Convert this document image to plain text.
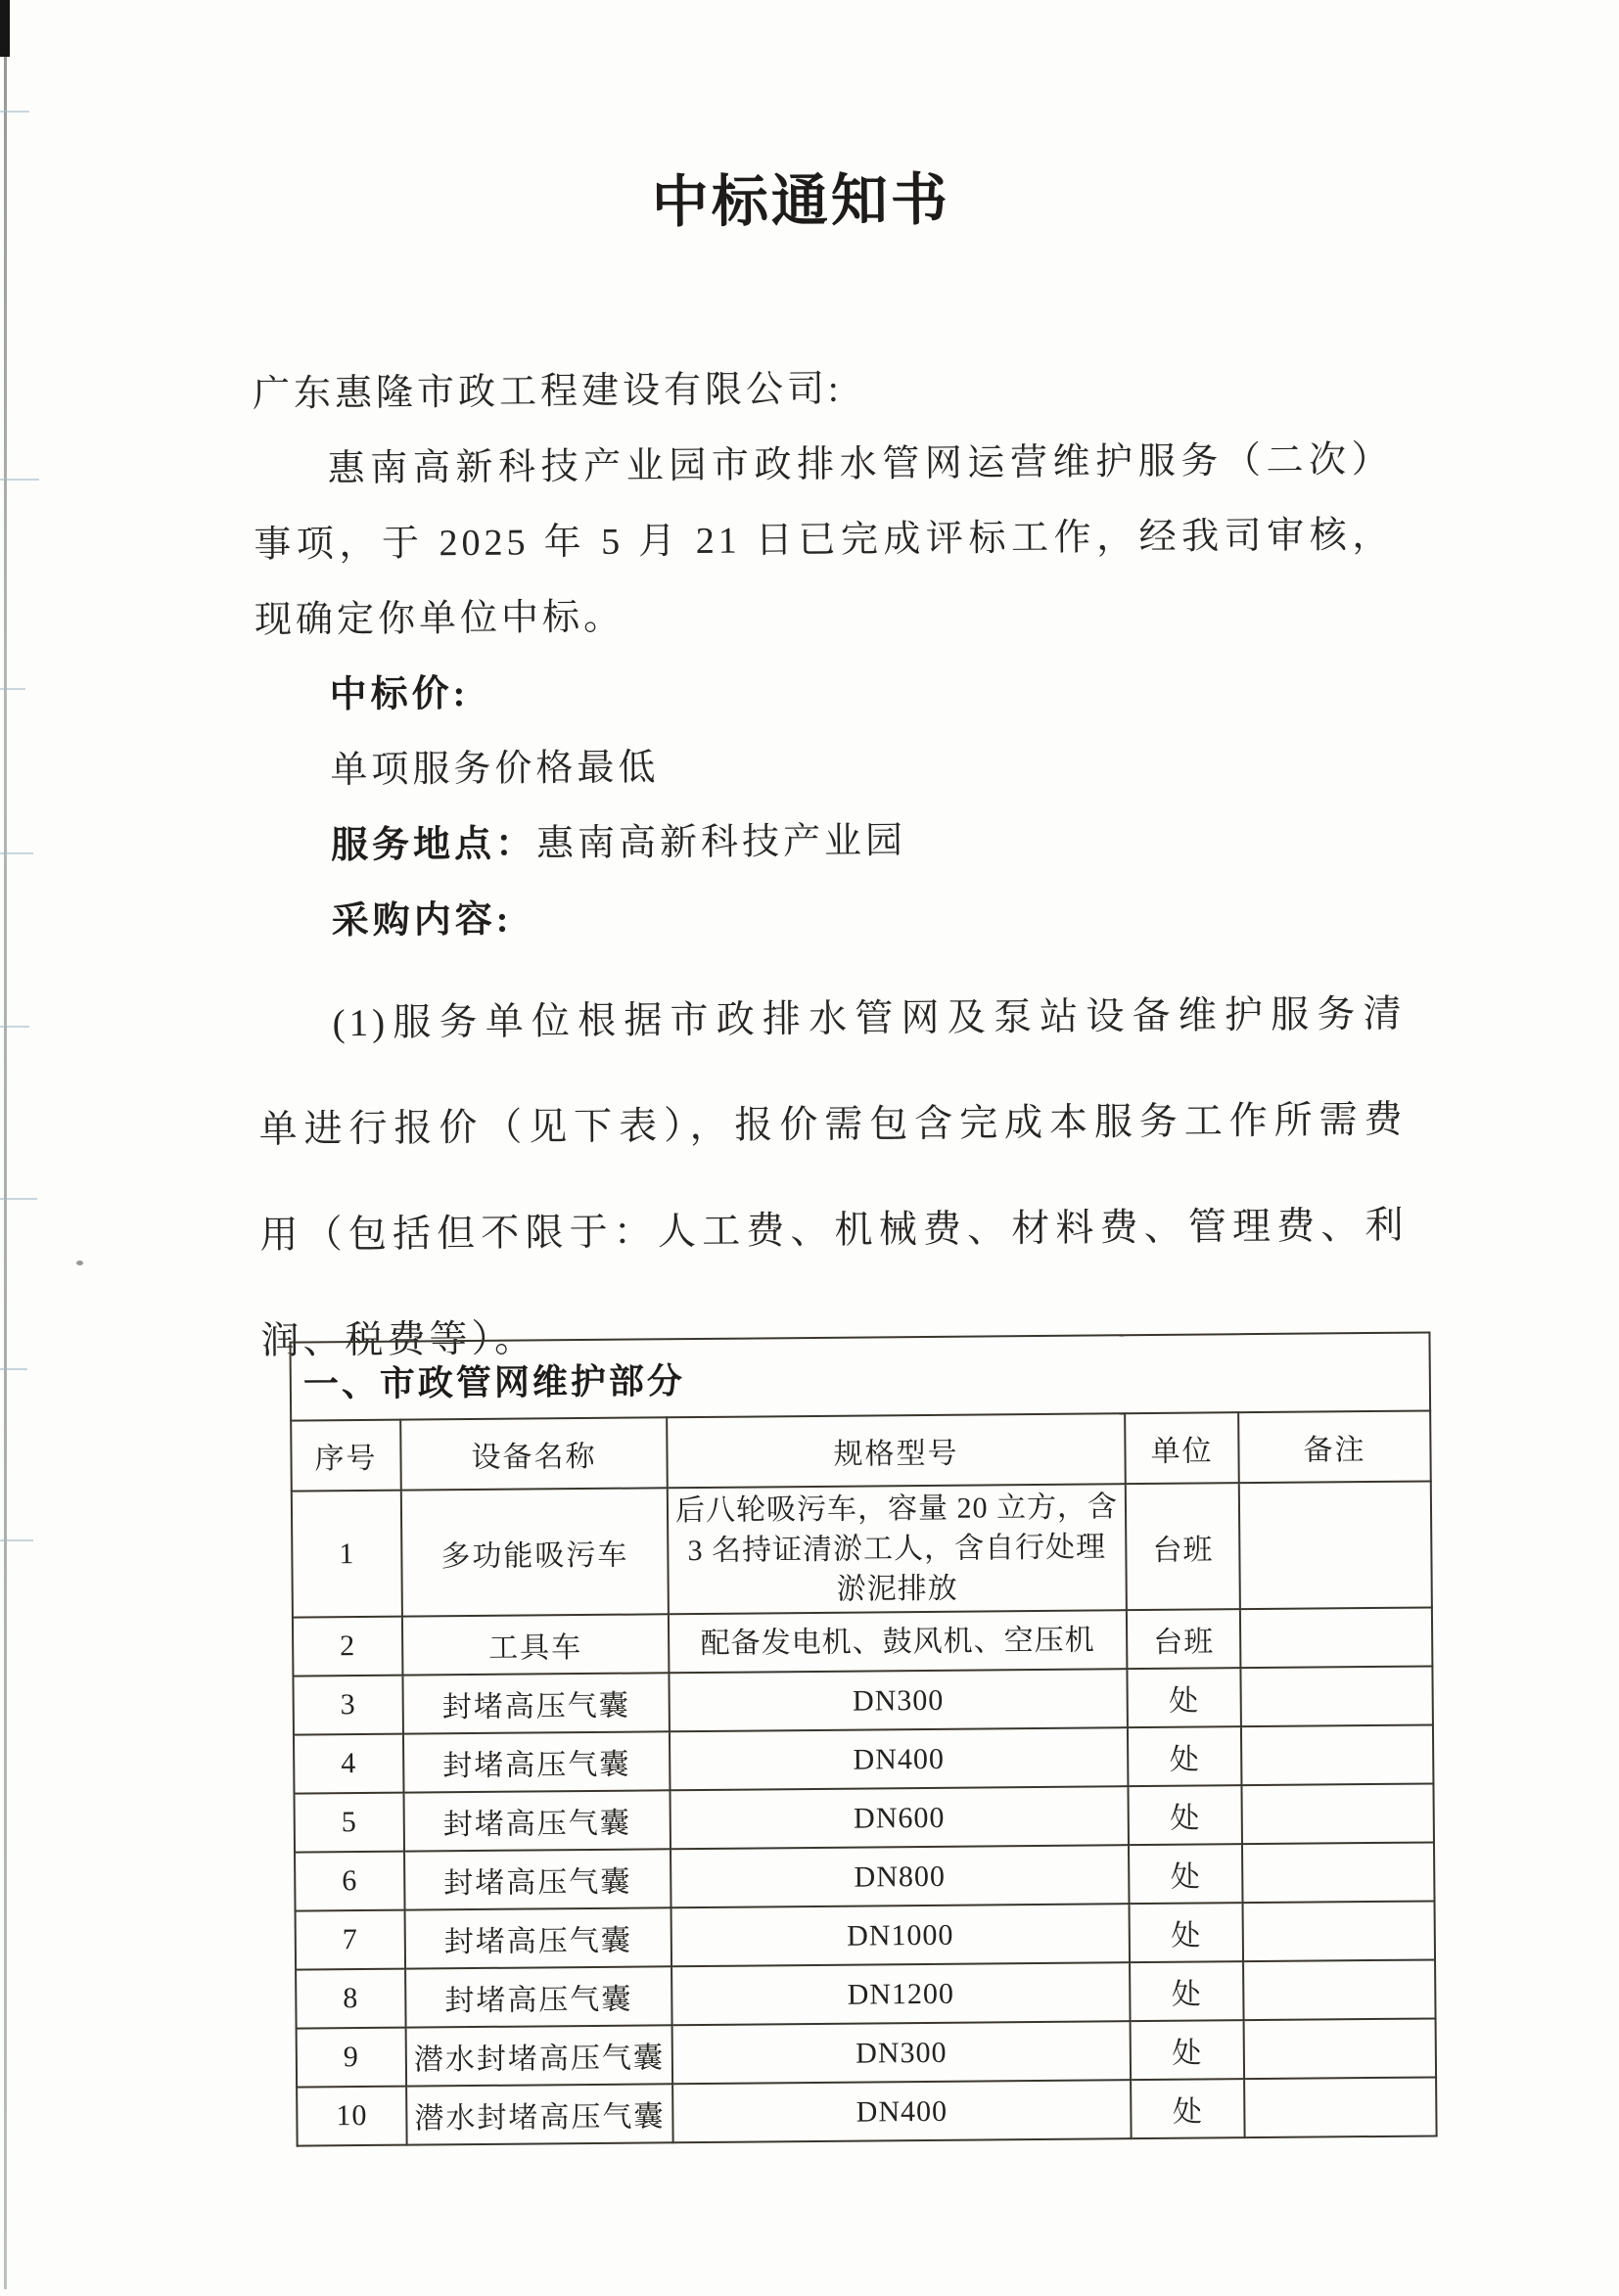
中标通知书

广东惠隆市政工程建设有限公司:

惠南高新科技产业园市政排水管网运营维护服务（二次）

事项，于 2025 年 5 月 21 日已完成评标工作，经我司审核，

现确定你单位中标。

中标价:

单项服务价格最低

服务地点：惠南高新科技产业园

采购内容:

(1)服务单位根据市政排水管网及泵站设备维护服务清

单进行报价（见下表），报价需包含完成本服务工作所需费

用（包括但不限于：人工费、机械费、材料费、管理费、利

润、税费等）。

一、市政管网维护部分				
序号	设备名称	规格型号	单位	备注
1	多功能吸污车	后八轮吸污车，容量 20 立方，含
3 名持证清淤工人，含自行处理
淤泥排放	台班	
2	工具车	配备发电机、鼓风机、空压机	台班	
3	封堵高压气囊	DN300	处	
4	封堵高压气囊	DN400	处	
5	封堵高压气囊	DN600	处	
6	封堵高压气囊	DN800	处	
7	封堵高压气囊	DN1000	处	
8	封堵高压气囊	DN1200	处	
9	潜水封堵高压气囊	DN300	处	
10	潜水封堵高压气囊	DN400	处	
